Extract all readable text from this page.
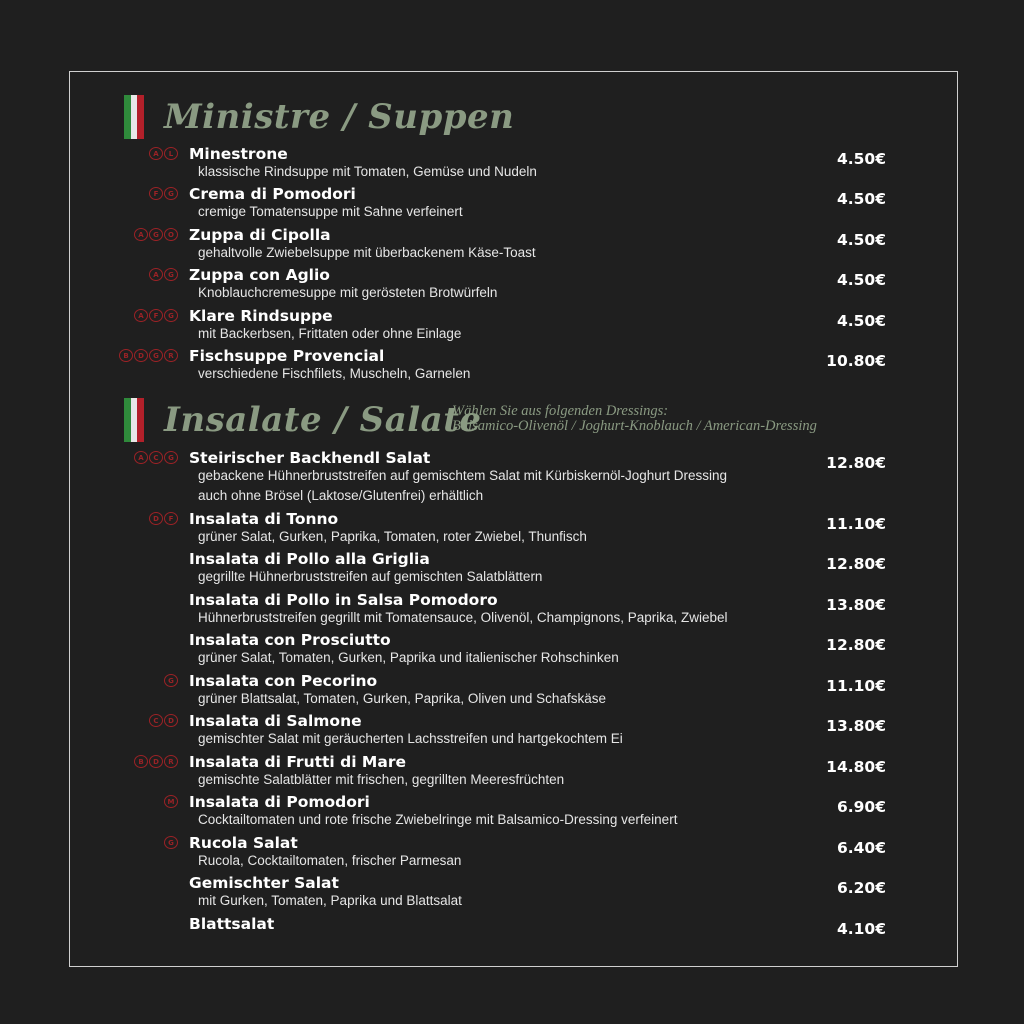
Ministre / Suppen
Insalate / Salate
Wählen Sie aus folgenden Dressings:
Balsamico-Olivenöl / Joghurt-Knoblauch / American-Dressing
A	L	Minestrone
klassische Rindsuppe mit Tomaten, Gemüse und Nudeln
4.50€
F	G Crema di Pomodori
cremige Tomatensuppe mit Sahne verfeinert
4.50€
A	G	O Zuppa di Cipolla
gehaltvolle Zwiebelsuppe mit überbackenem Käse-Toast
4.50€
A	G Zuppa con Aglio
Knoblauchcremesuppe mit gerösteten Brotwürfeln
4.50€
A	F	G Klare Rindsuppe
mit Backerbsen, Frittaten oder ohne Einlage
4.50€
B	D	G	R Fischsuppe Provencial
verschiedene Fischfilets, Muscheln, Garnelen
10.80€
A	C	G Steirischer Backhendl Salat
gebackene Hühnerbruststreifen auf gemischtem Salat mit Kürbiskernöl-Joghurt Dressing
auch ohne Brösel (Laktose/Glutenfrei) erhältlich
12.80€
D	F Insalata di Tonno
grüner Salat, Gurken, Paprika, Tomaten, roter Zwiebel, Thunfisch
11.10€
Insalata di Pollo alla Griglia
gegrillte Hühnerbruststreifen auf gemischten Salatblättern
12.80€
Insalata di Pollo in Salsa Pomodoro
Hühnerbruststreifen gegrillt mit Tomatensauce, Olivenöl, Champignons, Paprika, Zwiebel
13.80€
Insalata con Prosciutto
grüner Salat, Tomaten, Gurken, Paprika und italienischer Rohschinken
12.80€
G Insalata con Pecorino
grüner Blattsalat, Tomaten, Gurken, Paprika, Oliven und Schafskäse
11.10€
C	D Insalata di Salmone
gemischter Salat mit geräucherten Lachsstreifen und hartgekochtem Ei
13.80€
B	D	R Insalata di Frutti di Mare
gemischte Salatblätter mit frischen, gegrillten Meeresfrüchten
14.80€
M Insalata di Pomodori
Cocktailtomaten und rote frische Zwiebelringe mit Balsamico-Dressing verfeinert
6.90€
G Rucola Salat
Rucola, Cocktailtomaten, frischer Parmesan
6.40€
Gemischter Salat
mit Gurken, Tomaten, Paprika und Blattsalat
6.20€
Blattsalat	4.10€
